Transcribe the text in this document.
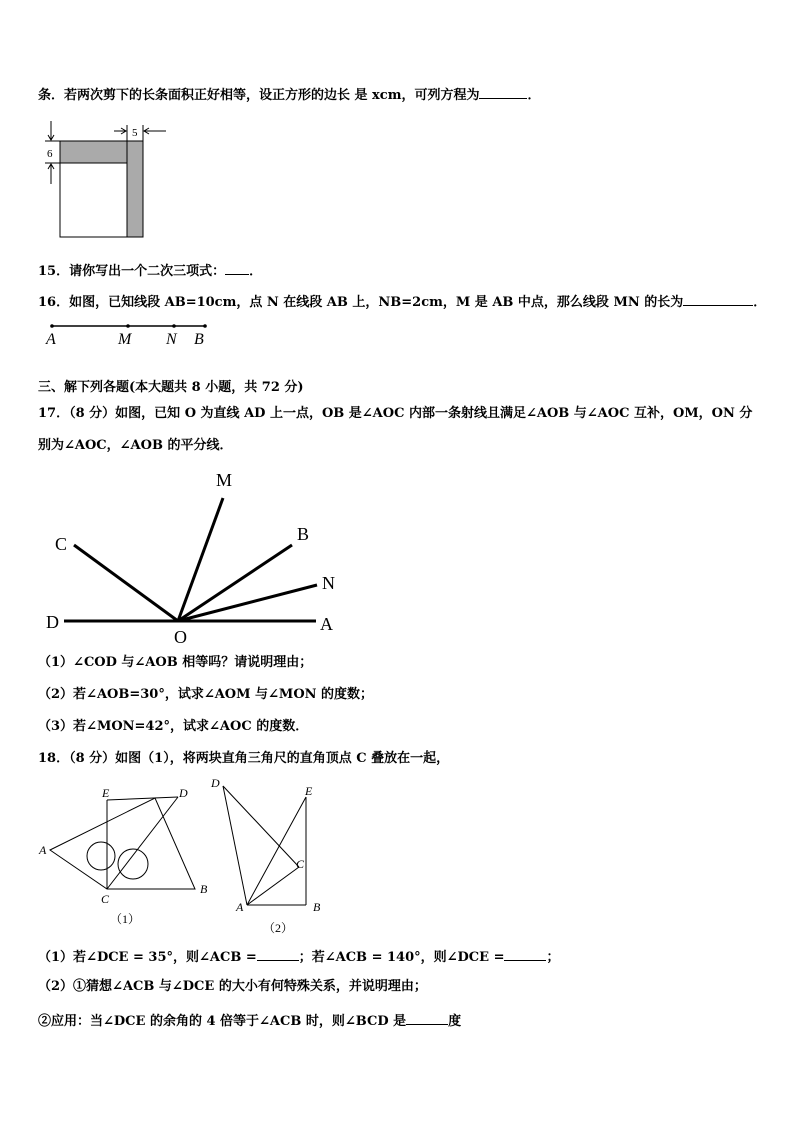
条．若两次剪下的长条面积正好相等，设正方形的边长 是 xcm，可列方程为	．
5
6
15．请你写出一个二次三项式： ．
16．如图，已知线段 AB=10cm，点 N 在线段 AB 上，NB=2cm，M 是 AB 中点，那么线段 MN 的长为	．
A	M N B
三、解下列各题(本大题共 8 小题，共 72 分)
17．（8 分）如图，已知 O 为直线 AD 上一点，OB 是∠AOC 内部一条射线且满足∠AOB 与∠AOC 互补，OM，ON 分
别为∠AOC，∠AOB 的平分线．
M
C	B
N
D
O
A
（1）∠COD 与∠AOB 相等吗？请说明理由；
（2）若∠AOB=30°，试求∠AOM 与∠MON 的度数；
（3）若∠MON=42°，试求∠AOC 的度数．
18．（8 分）如图（1），将两块直角三角尺的直角顶点 C 叠放在一起，
E	D
A
C
B
（1）
D
E
C
A	B
（2）
（1）若∠DCE = 35°，则∠ACB =	；若∠ACB = 140°，则∠DCE =	；
（2）①猜想∠ACB 与∠DCE 的大小有何特殊关系，并说明理由；
②应用：当∠DCE 的余角的 4 倍等于∠ACB 时，则∠BCD 是	度
